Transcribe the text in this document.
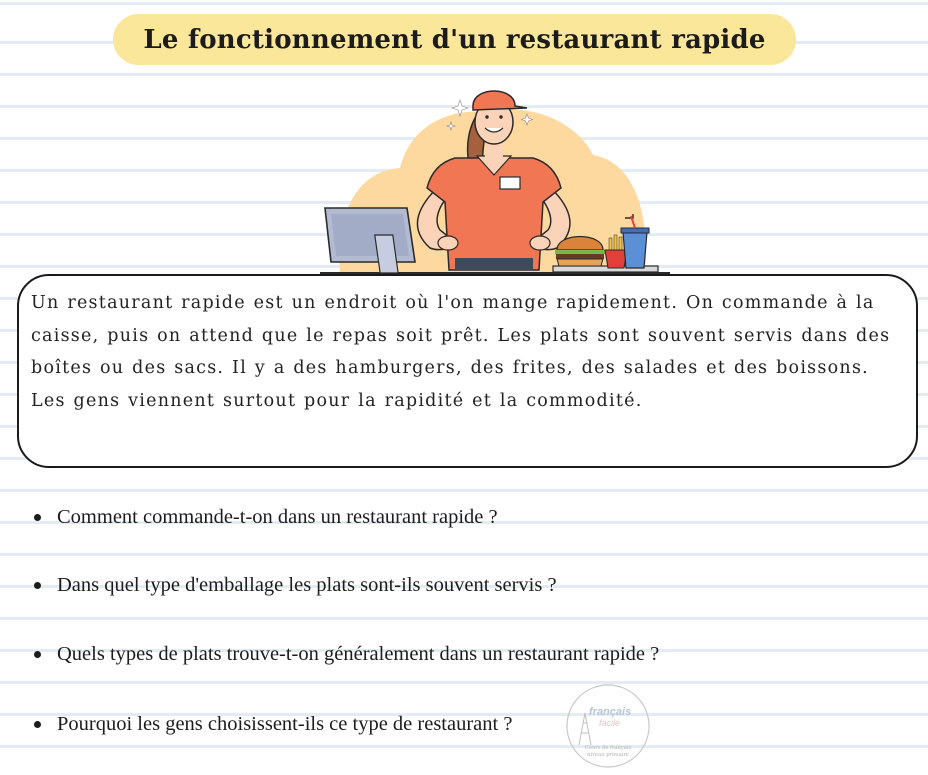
Le fonctionnement d'un restaurant rapide

Un restaurant rapide est un endroit où l'on mange rapidement. On commande à la caisse, puis on attend que le repas soit prêt. Les plats sont souvent servis dans des boîtes ou des sacs. Il y a des hamburgers, des frites, des salades et des boissons. Les gens viennent surtout pour la rapidité et la commodité.

Comment commande-t-on dans un restaurant rapide ?
Dans quel type d'emballage les plats sont-ils souvent servis ?
Quels types de plats trouve-t-on généralement dans un restaurant rapide ?
Pourquoi les gens choisissent-ils ce type de restaurant ?
français
facile
Cours de français
niveau primaire
